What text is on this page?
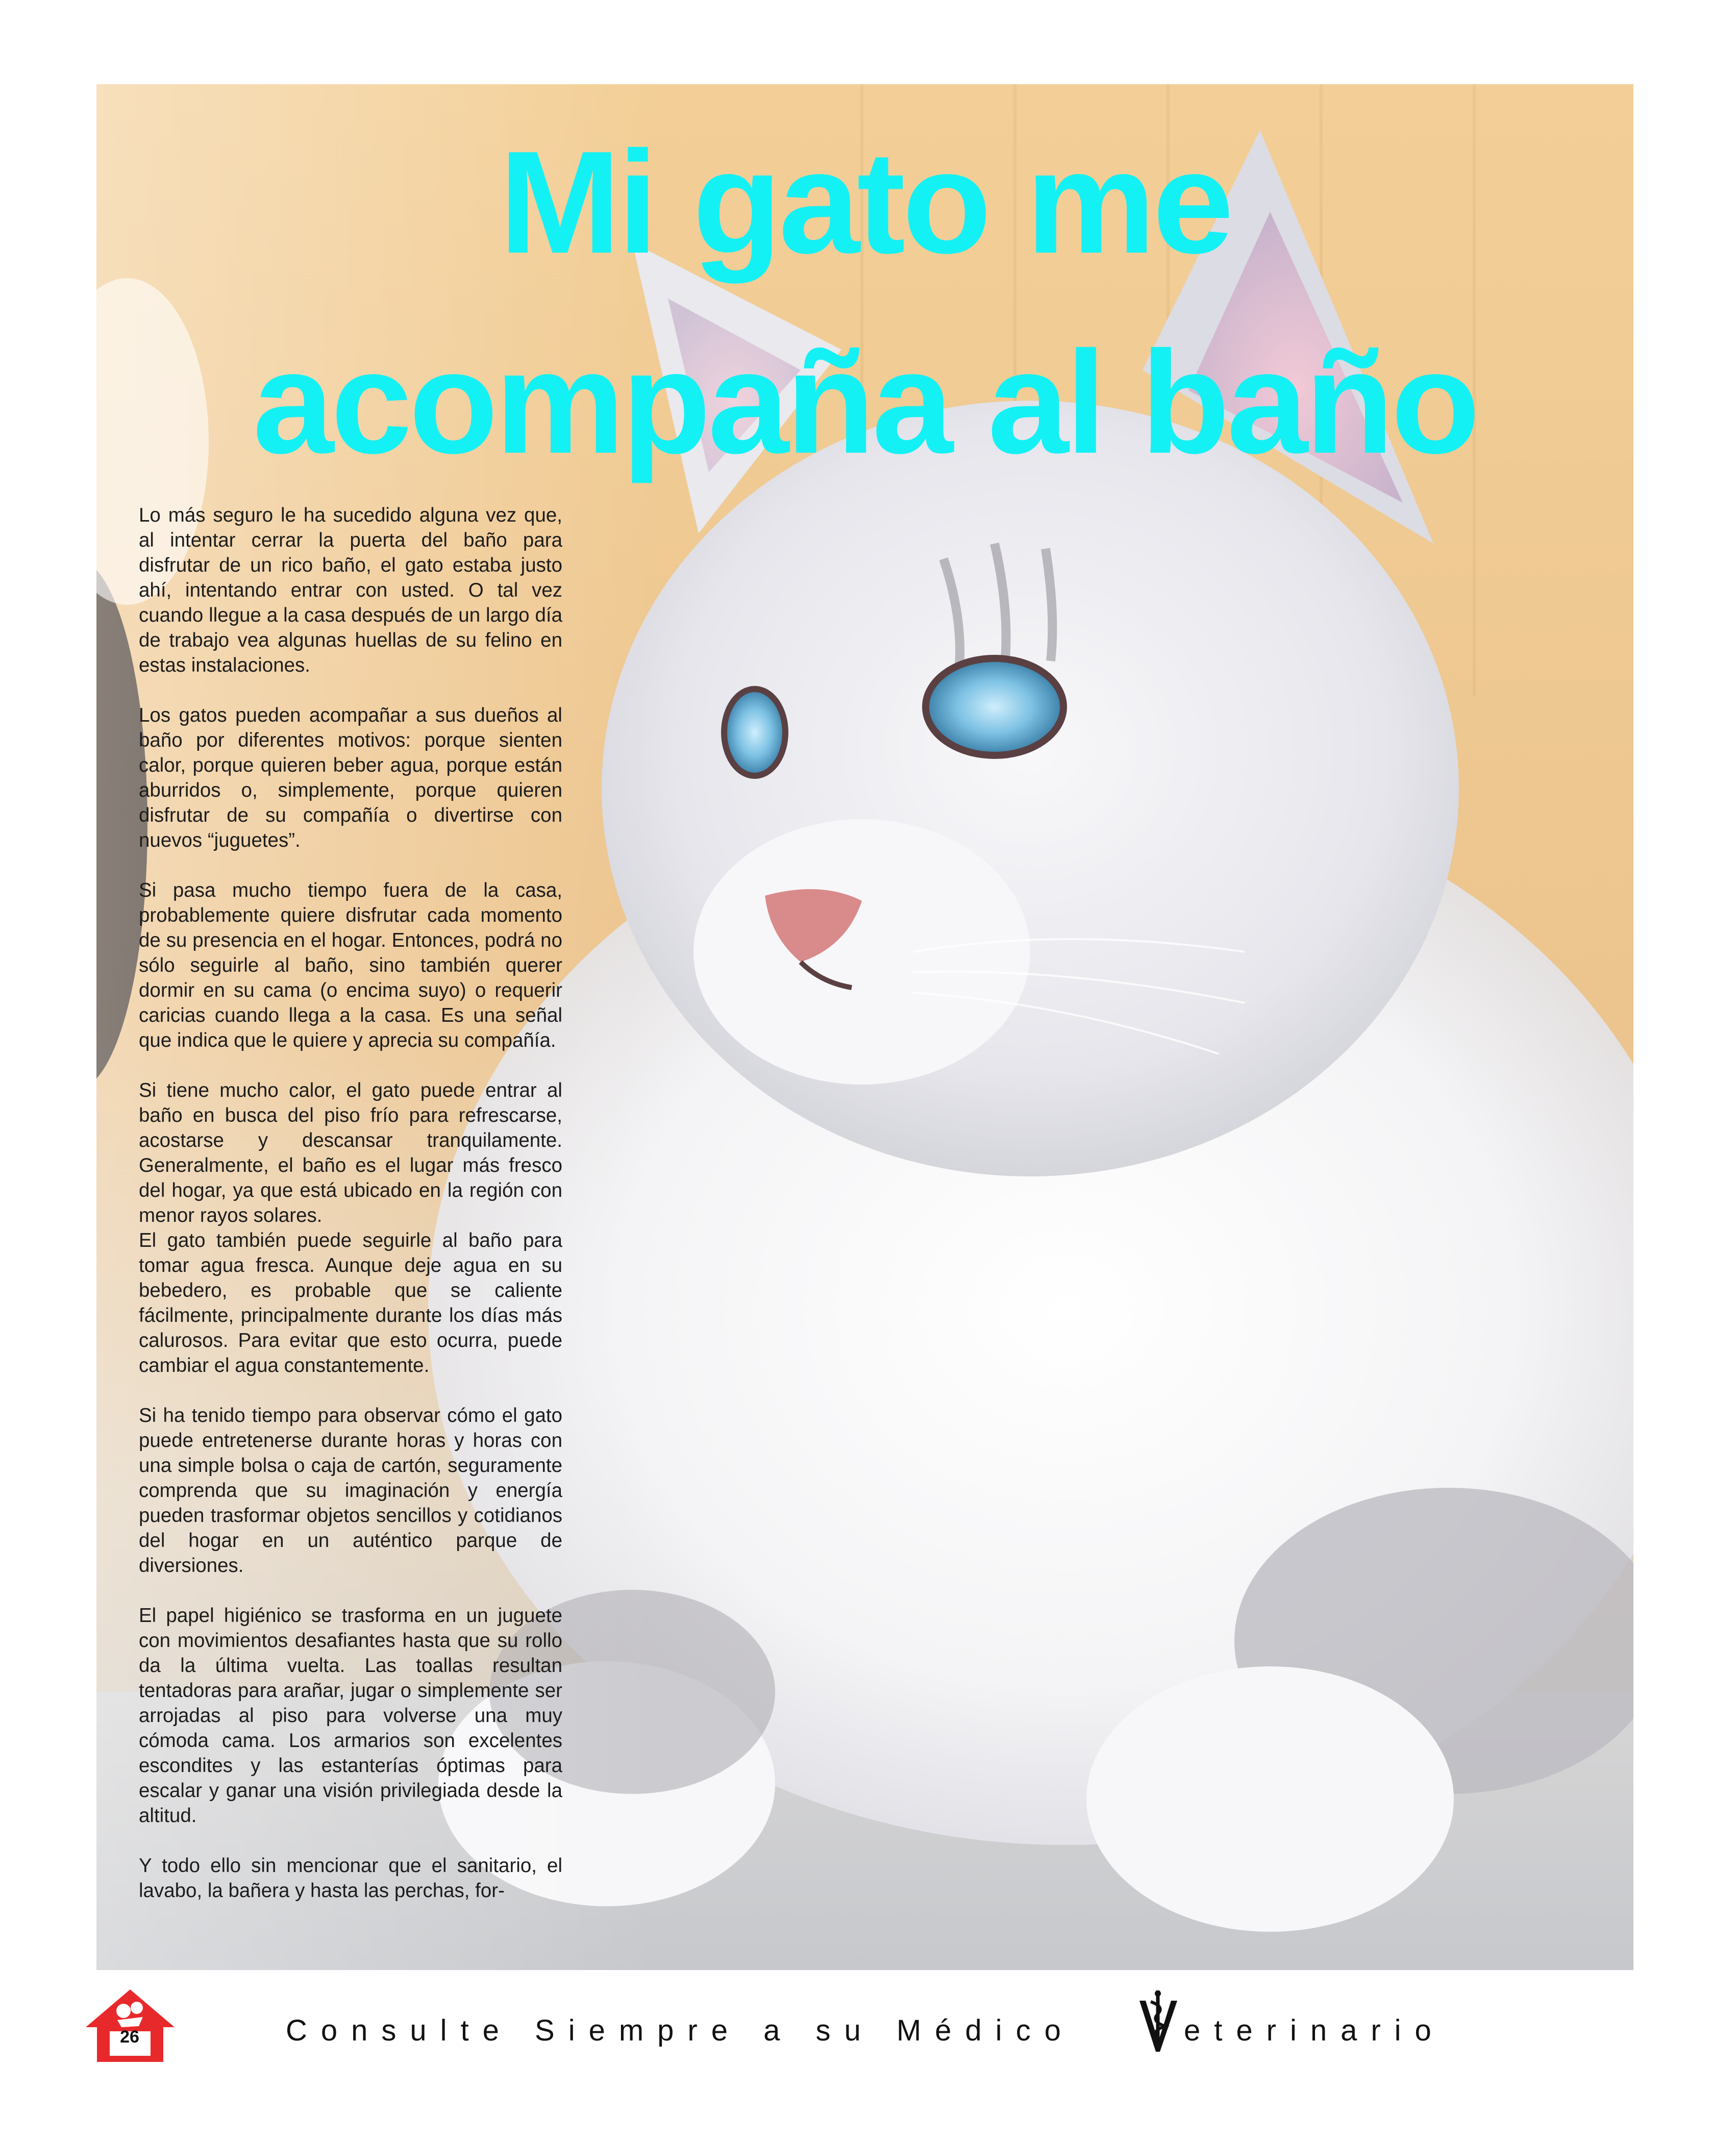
Mi gato me
acompaña al baño

Lo más seguro le ha sucedido alguna vez que, al intentar cerrar la puerta del baño para disfrutar de un rico baño, el gato estaba justo ahí, intentando entrar con usted. O tal vez cuando llegue a la casa después de un largo día de trabajo vea algunas huellas de su felino en estas instalaciones.

Los gatos pueden acompañar a sus dueños al baño por diferentes motivos: porque sienten calor, porque quieren beber agua, porque están aburridos o, simplemente, porque quieren disfrutar de su compañía o divertirse con nuevos “juguetes”.

Si pasa mucho tiempo fuera de la casa, probablemente quiere disfrutar cada momento de su presencia en el hogar. Entonces, podrá no sólo seguirle al baño, sino también querer dormir en su cama (o encima suyo) o requerir caricias cuando llega a la casa. Es una señal que indica que le quiere y aprecia su compañía.

Si tiene mucho calor, el gato puede entrar al baño en busca del piso frío para refrescarse, acostarse y descansar tranquilamente. Generalmente, el baño es el lugar más fresco del hogar, ya que está ubicado en la región con menor rayos solares.

El gato también puede seguirle al baño para tomar agua fresca. Aunque deje agua en su bebedero, es probable que se caliente fácilmente, principalmente durante los días más calurosos. Para evitar que esto ocurra, puede cambiar el agua constantemente.

Si ha tenido tiempo para observar cómo el gato puede entretenerse durante horas y horas con una simple bolsa o caja de cartón, seguramente comprenda que su imaginación y energía pueden trasformar objetos sencillos y cotidianos del hogar en un auténtico parque de diversiones.

El papel higiénico se trasforma en un juguete con movimientos desafiantes hasta que su rollo da la última vuelta. Las toallas resultan tentadoras para arañar, jugar o simplemente ser arrojadas al piso para volverse una muy cómoda cama. Los armarios son excelentes escondites y las estanterías óptimas para escalar y ganar una visión privilegiada desde la altitud.

Y todo ello sin mencionar que el sanitario, el lavabo, la bañera y hasta las perchas, for-

26	Consulte Siempre a su Médico	eterinario
